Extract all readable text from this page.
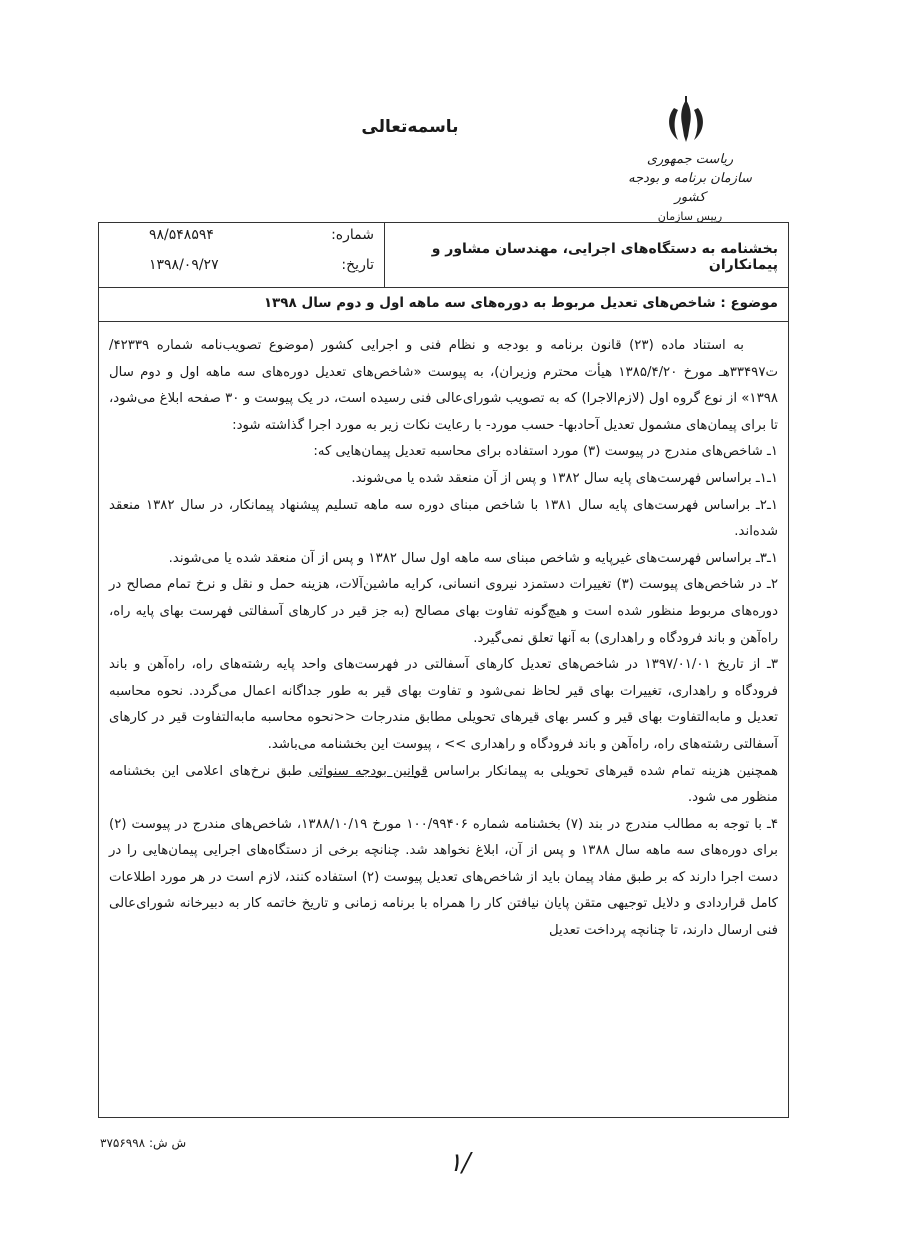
باسمه‌تعالی
ریاست جمهوری
سازمان برنامه و بودجه کشور
رییس سازمان
بخشنامه به دستگاه‌های اجرایی، مهندسان مشاور و پیمانکاران
شماره:
۹۸/۵۴۸۵۹۴
تاریخ:
۱۳۹۸/۰۹/۲۷
موضوع : شاخص‌های تعدیل مربوط به دوره‌های سه ماهه اول و دوم سال ۱۳۹۸

به استناد ماده (۲۳) قانون برنامه و بودجه و نظام فنی و اجرایی کشور (موضوع تصویب‌نامه شماره ۴۲۳۳۹/ت۳۳۴۹۷هـ مورخ ۱۳۸۵/۴/۲۰ هیأت محترم وزیران)، به پیوست «شاخص‌های تعدیل دوره‌های سه ماهه اول و دوم سال ۱۳۹۸» از نوع گروه اول (لازم‌الاجرا) که به تصویب شورای‌عالی فنی رسیده است، در یک پیوست و ۳۰ صفحه ابلاغ می‌شود، تا برای پیمان‌های مشمول تعدیل آحادبها- حسب مورد- با رعایت نکات زیر به مورد اجرا گذاشته شود:

۱ـ شاخص‌های مندرج در پیوست (۳) مورد استفاده برای محاسبه تعدیل پیمان‌هایی که:

۱ـ۱ـ براساس فهرست‌های پایه سال ۱۳۸۲ و پس از آن منعقد شده یا می‌شوند.

۱ـ۲ـ براساس فهرست‌های پایه سال ۱۳۸۱ با شاخص مبنای دوره سه ماهه تسلیم پیشنهاد پیمانکار، در سال ۱۳۸۲ منعقد شده‌اند.

۱ـ۳ـ براساس فهرست‌های غیرپایه و شاخص مبنای سه ماهه اول سال ۱۳۸۲ و پس از آن منعقد شده یا می‌شوند.

۲ـ در شاخص‌های پیوست (۳) تغییرات دستمزد نیروی انسانی، کرایه ماشین‌آلات، هزینه حمل و نقل و نرخ تمام مصالح در دوره‌های مربوط منظور شده است و هیچ‌گونه تفاوت بهای مصالح (به جز قیر در کارهای آسفالتی فهرست بهای پایه راه، راه‌آهن و باند فرودگاه و راهداری) به آنها تعلق نمی‌گیرد.

۳ـ از تاریخ ۱۳۹۷/۰۱/۰۱ در شاخص‌های تعدیل کارهای آسفالتی در فهرست‌های واحد پایه رشته‌های راه، راه‌آهن و باند فرودگاه و راهداری، تغییرات بهای قیر لحاظ نمی‌شود و تفاوت بهای قیر به طور جداگانه اعمال می‌گردد. نحوه محاسبه تعدیل و مابه‌التفاوت بهای قیر و کسر بهای قیرهای تحویلی مطابق مندرجات <<نحوه محاسبه مابه‌التفاوت قیر در کارهای آسفالتی رشته‌های راه، راه‌آهن و باند فرودگاه و راهداری >> ، پیوست این بخشنامه می‌باشد.

همچنین هزینه تمام شده قیرهای تحویلی به پیمانکار براساس قوانین بودجه سنواتی طبق نرخ‌های اعلامی این بخشنامه منظور می شود.

۴ـ با توجه به مطالب مندرج در بند (۷) بخشنامه شماره ۱۰۰/۹۹۴۰۶ مورخ ۱۳۸۸/۱۰/۱۹، شاخص‌های مندرج در پیوست (۲) برای دوره‌های سه ماهه سال ۱۳۸۸ و پس از آن، ابلاغ نخواهد شد. چنانچه برخی از دستگاه‌های اجرایی پیمان‌هایی را در دست اجرا دارند که بر طبق مفاد پیمان باید از شاخص‌های تعدیل پیوست (۲) استفاده کنند، لازم است در هر مورد اطلاعات کامل قراردادی و دلایل توجیهی متقن پایان نیافتن کار را همراه با برنامه زمانی و تاریخ خاتمه کار به دبیرخانه شورای‌عالی فنی ارسال دارند، تا چنانچه پرداخت تعدیل

ش ش: ۳۷۵۶۹۹۸
۱/
